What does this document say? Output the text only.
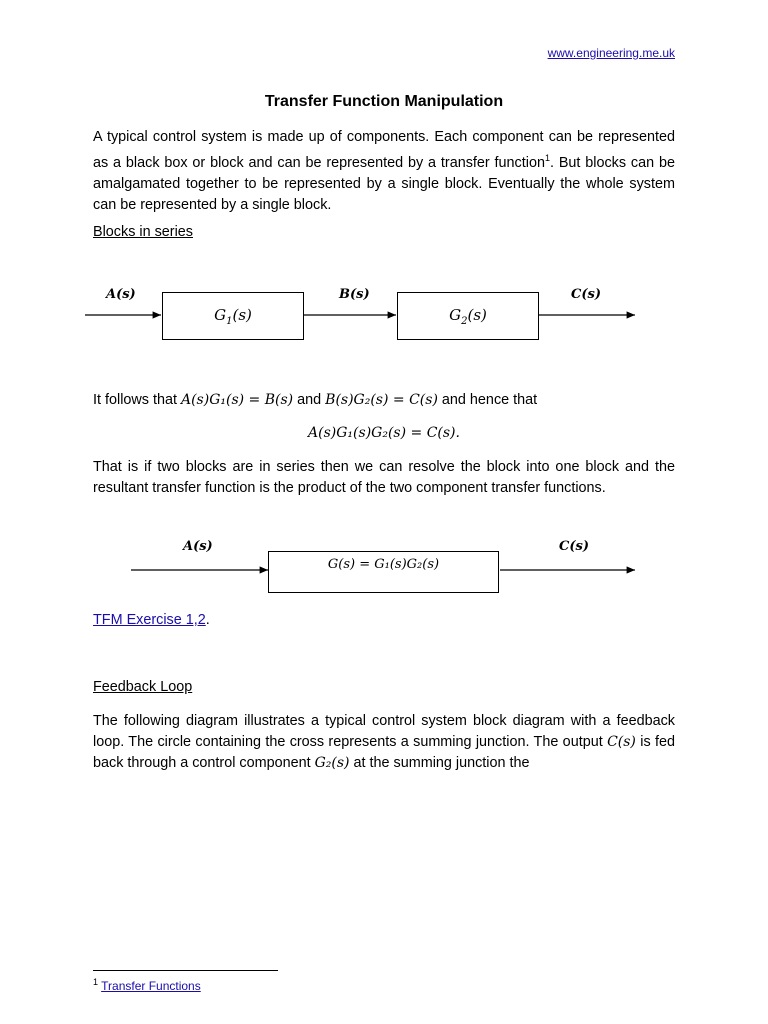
www.engineering.me.uk
Transfer Function Manipulation
A typical control system is made up of components. Each component can be represented as a black box or block and can be represented by a transfer function$^1$. But blocks can be amalgamated together to be represented by a single block. Eventually the whole system can be represented by a single block.
Blocks in series
A(s)
$G_1(s)$
B(s)
$G_2(s)$
C(s)
It follows that A(s)G₁(s) = B(s) and B(s)G₂(s) = C(s) and hence that
A(s)G₁(s)G₂(s) = C(s).
That is if two blocks are in series then we can resolve the block into one block and the resultant transfer function is the product of the two component transfer functions.
A(s)
G(s) = G₁(s)G₂(s)
C(s)
TFM Exercise 1,2.
Feedback Loop
The following diagram illustrates a typical control system block diagram with a feedback loop. The circle containing the cross represents a summing junction. The output C(s) is fed back through a control component G₂(s) at the summing junction the
$^1$ Transfer Functions
